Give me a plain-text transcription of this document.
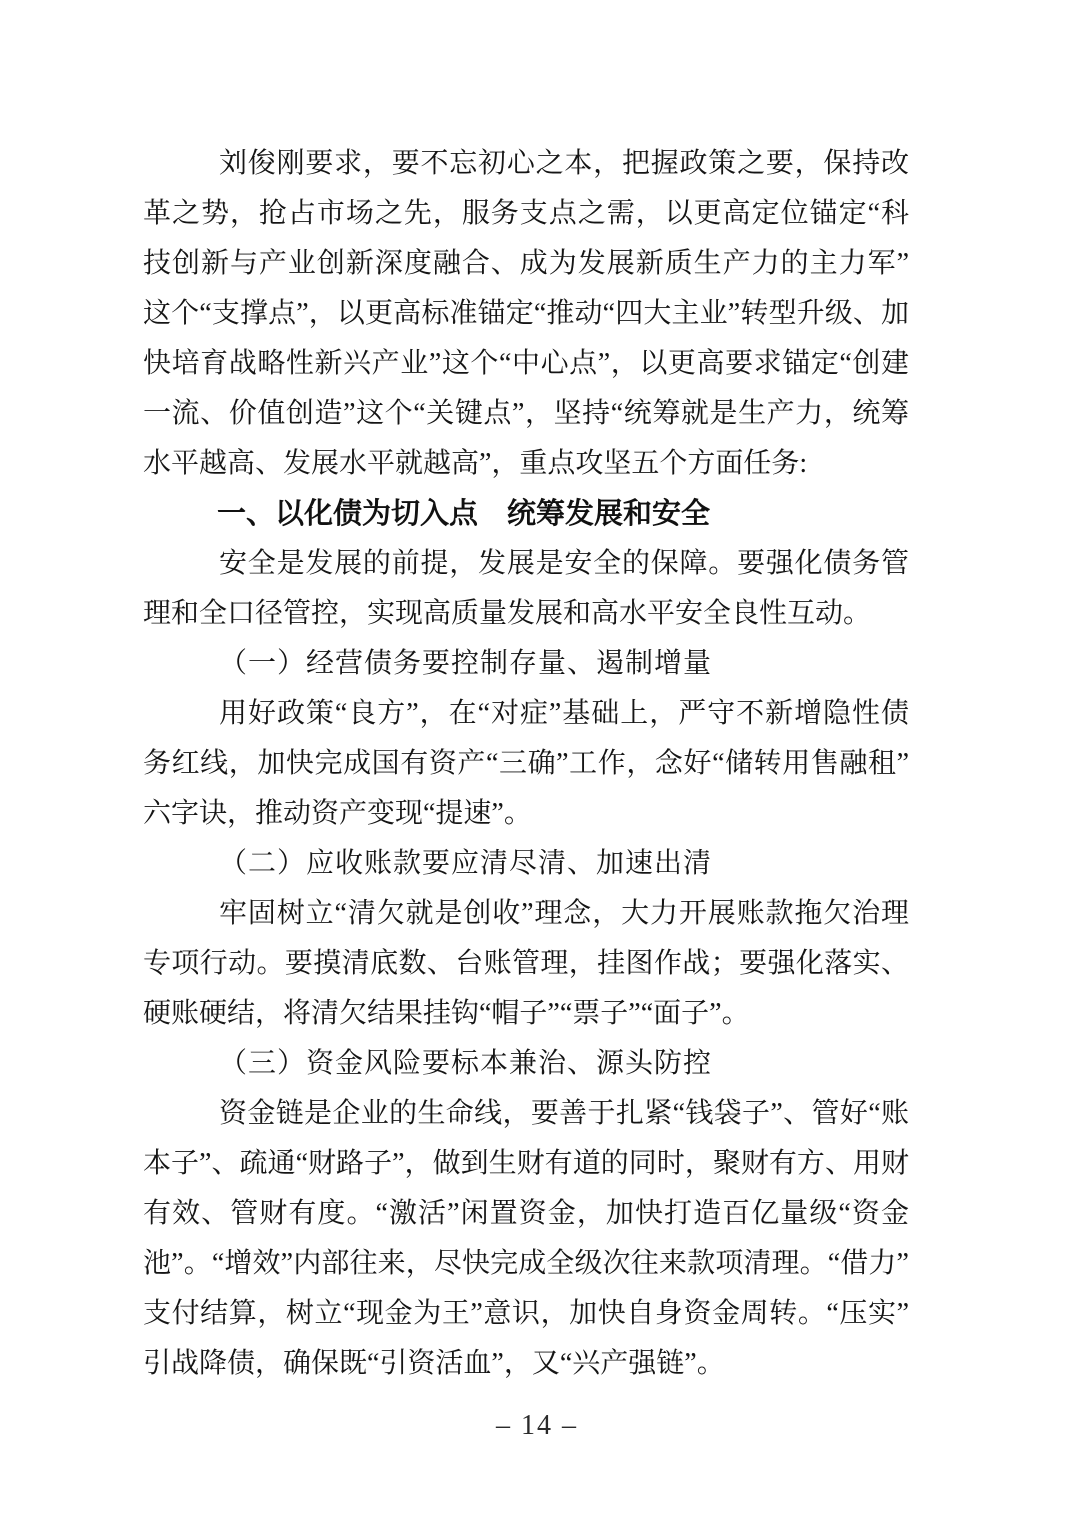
刘俊刚要求，要不忘初心之本，把握政策之要，保持改革之势，抢占市场之先，服务支点之需，以更高定位锚定“科技创新与产业创新深度融合、成为发展新质生产力的主力军”这个“支撑点”，以更高标准锚定“推动“四大主业”转型升级、加快培育战略性新兴产业”这个“中心点”，以更高要求锚定“创建一流、价值创造”这个“关键点”，坚持“统筹就是生产力，统筹水平越高、发展水平就越高”，重点攻坚五个方面任务:

一、以化债为切入点　统筹发展和安全

安全是发展的前提，发展是安全的保障。要强化债务管理和全口径管控，实现高质量发展和高水平安全良性互动。

（一）经营债务要控制存量、遏制增量

用好政策“良方”，在“对症”基础上，严守不新增隐性债务红线，加快完成国有资产“三确”工作，念好“储转用售融租”六字诀，推动资产变现“提速”。

（二）应收账款要应清尽清、加速出清

牢固树立“清欠就是创收”理念，大力开展账款拖欠治理专项行动。要摸清底数、台账管理，挂图作战；要强化落实、硬账硬结，将清欠结果挂钩“帽子”“票子”“面子”。

（三）资金风险要标本兼治、源头防控

资金链是企业的生命线，要善于扎紧“钱袋子”、管好“账本子”、疏通“财路子”，做到生财有道的同时，聚财有方、用财有效、管财有度。“激活”闲置资金，加快打造百亿量级“资金池”。“增效”内部往来，尽快完成全级次往来款项清理。“借力”支付结算，树立“现金为王”意识，加快自身资金周转。“压实”引战降债，确保既“引资活血”，又“兴产强链”。

– 14 –
